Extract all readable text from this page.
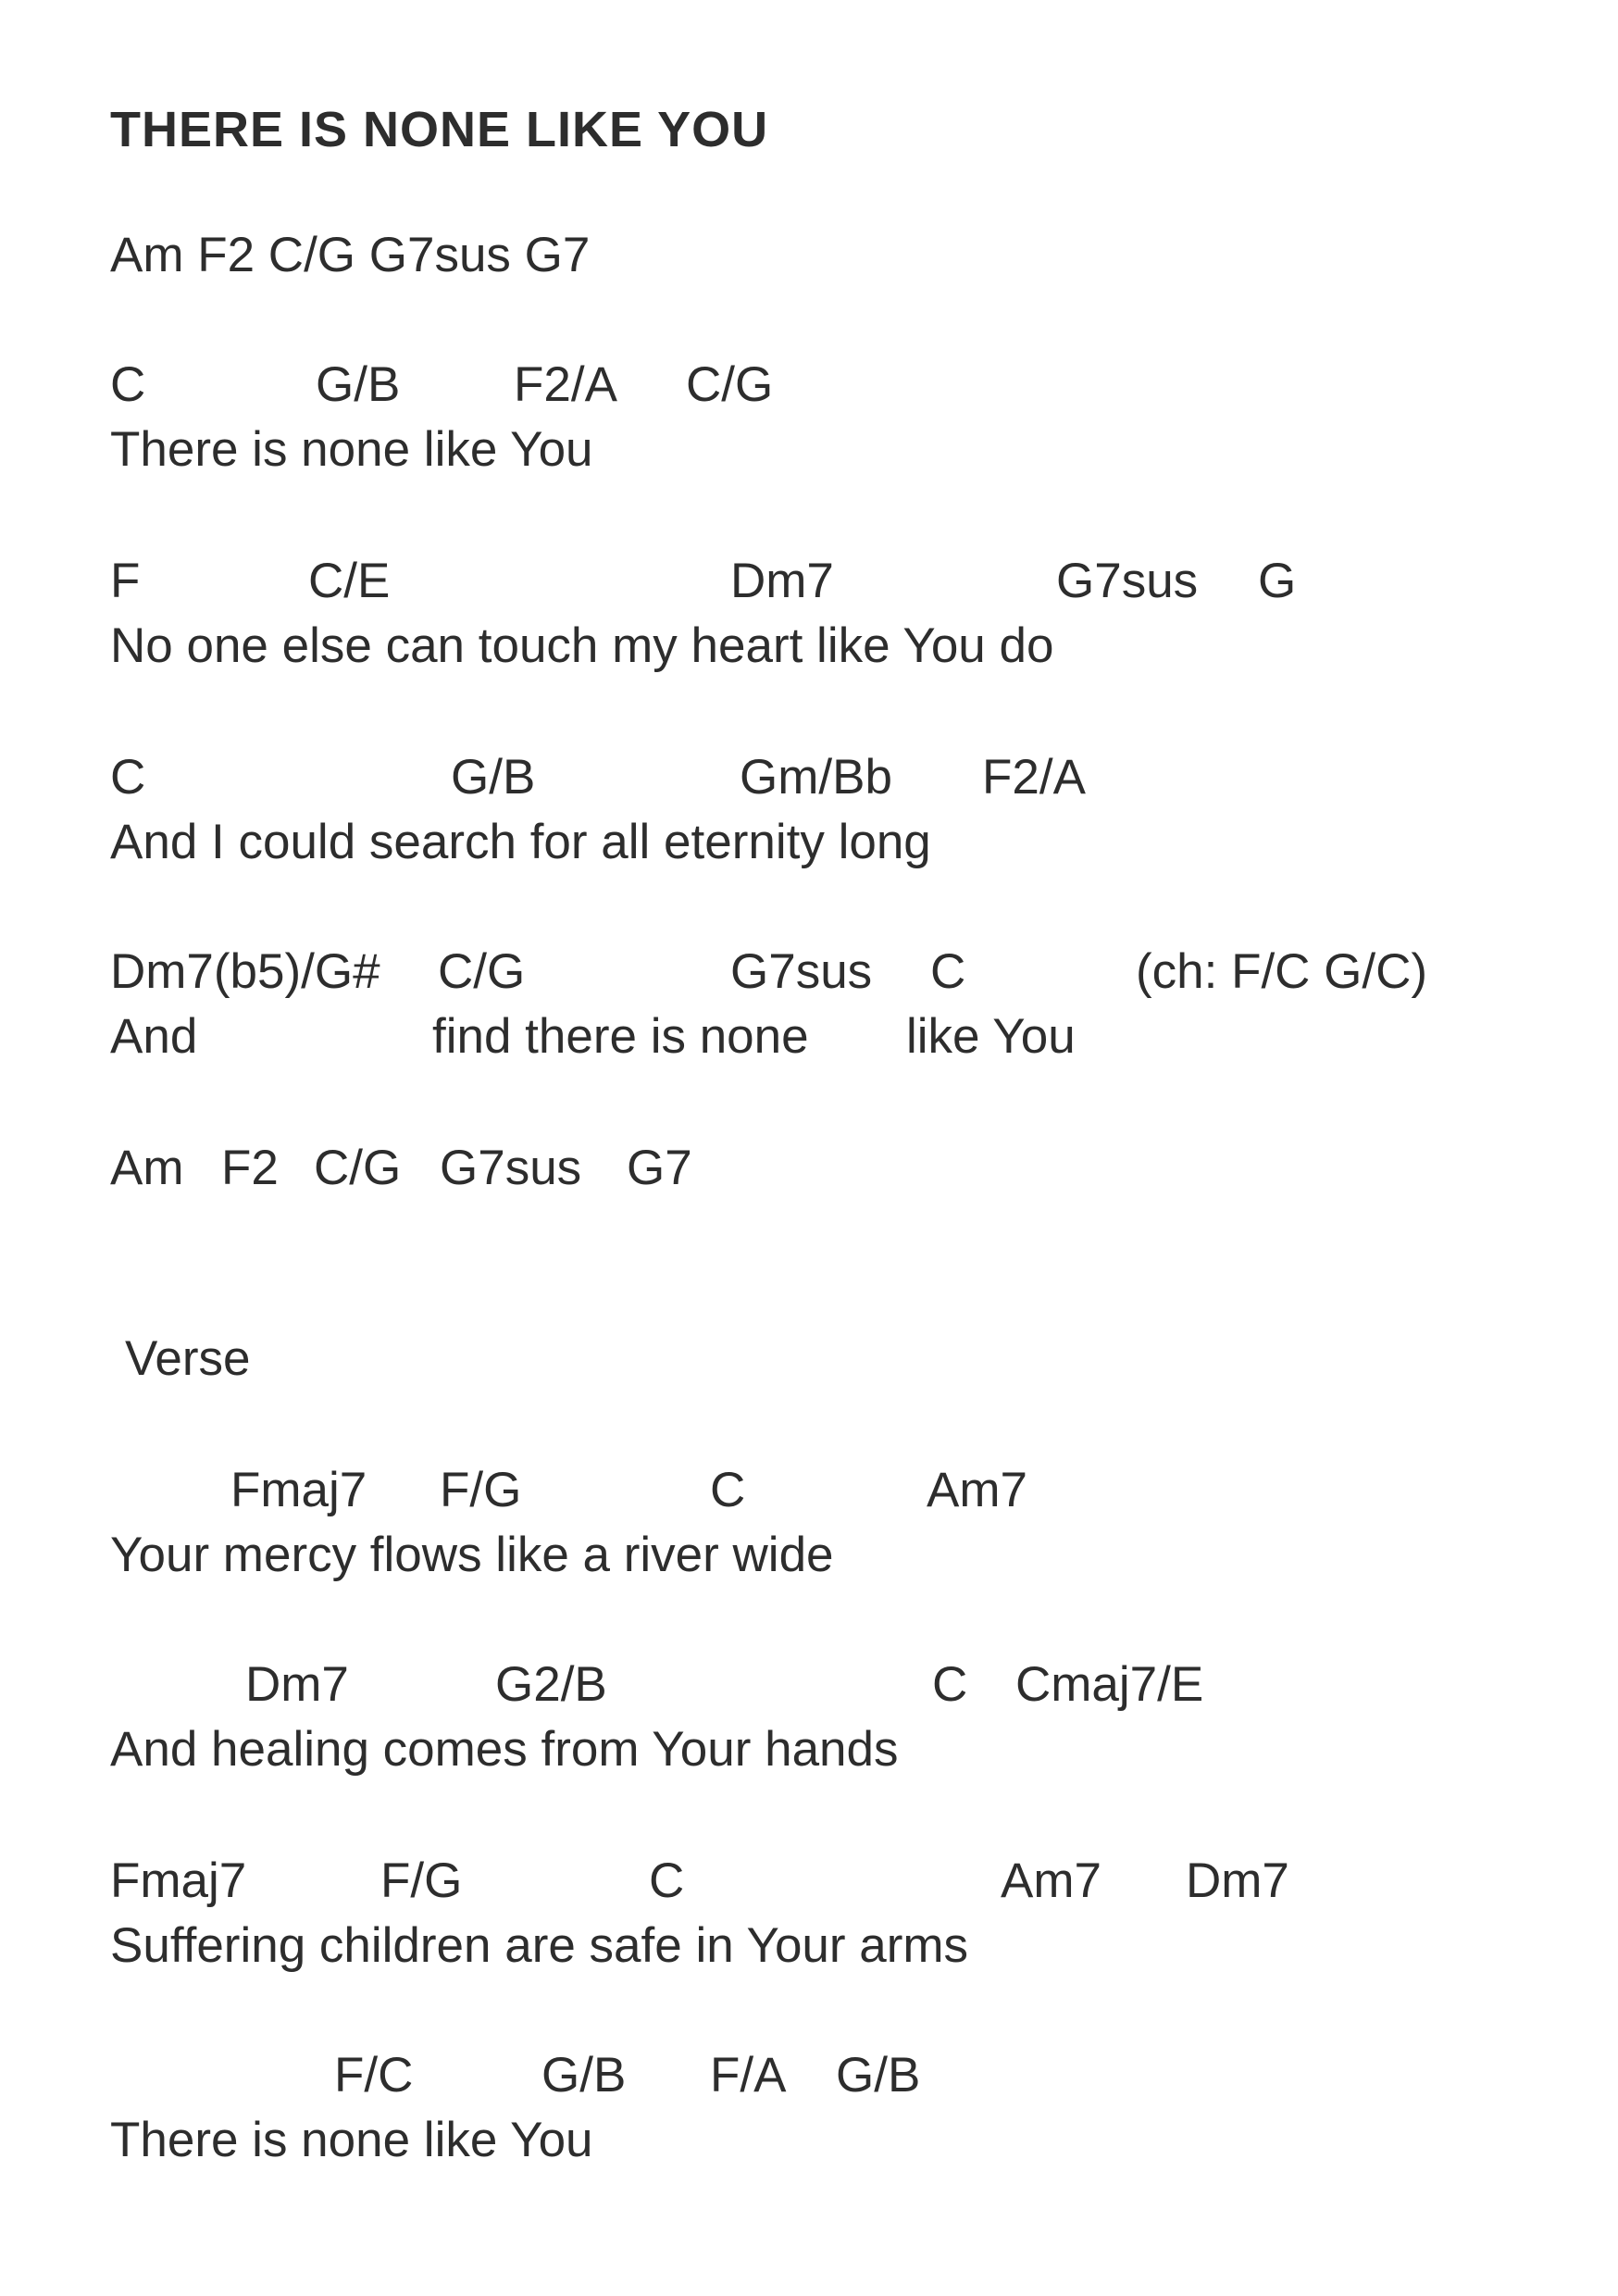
THERE IS NONE LIKE YOU
Am F2 C/G G7sus G7
C	G/B F2/A C/G
There is none like You
F	C/E	Dm7	G7sus G
No one else can touch my heart like You do
C	G/B	Gm/Bb F2/A
And I could search for all eternity long
Dm7(b5)/G# C/G	G7sus C	(ch: F/C G/C)
And	find there is none like You
Am F2 C/G G7sus G7
Verse
Fmaj7 F/G	C	Am7
Your mercy flows like a river wide
Dm7	G2/B	C Cmaj7/E
And healing comes from Your hands
Fmaj7	F/G	C	Am7 Dm7
Suffering children are safe in Your arms
F/C	G/B F/A G/B
There is none like You
